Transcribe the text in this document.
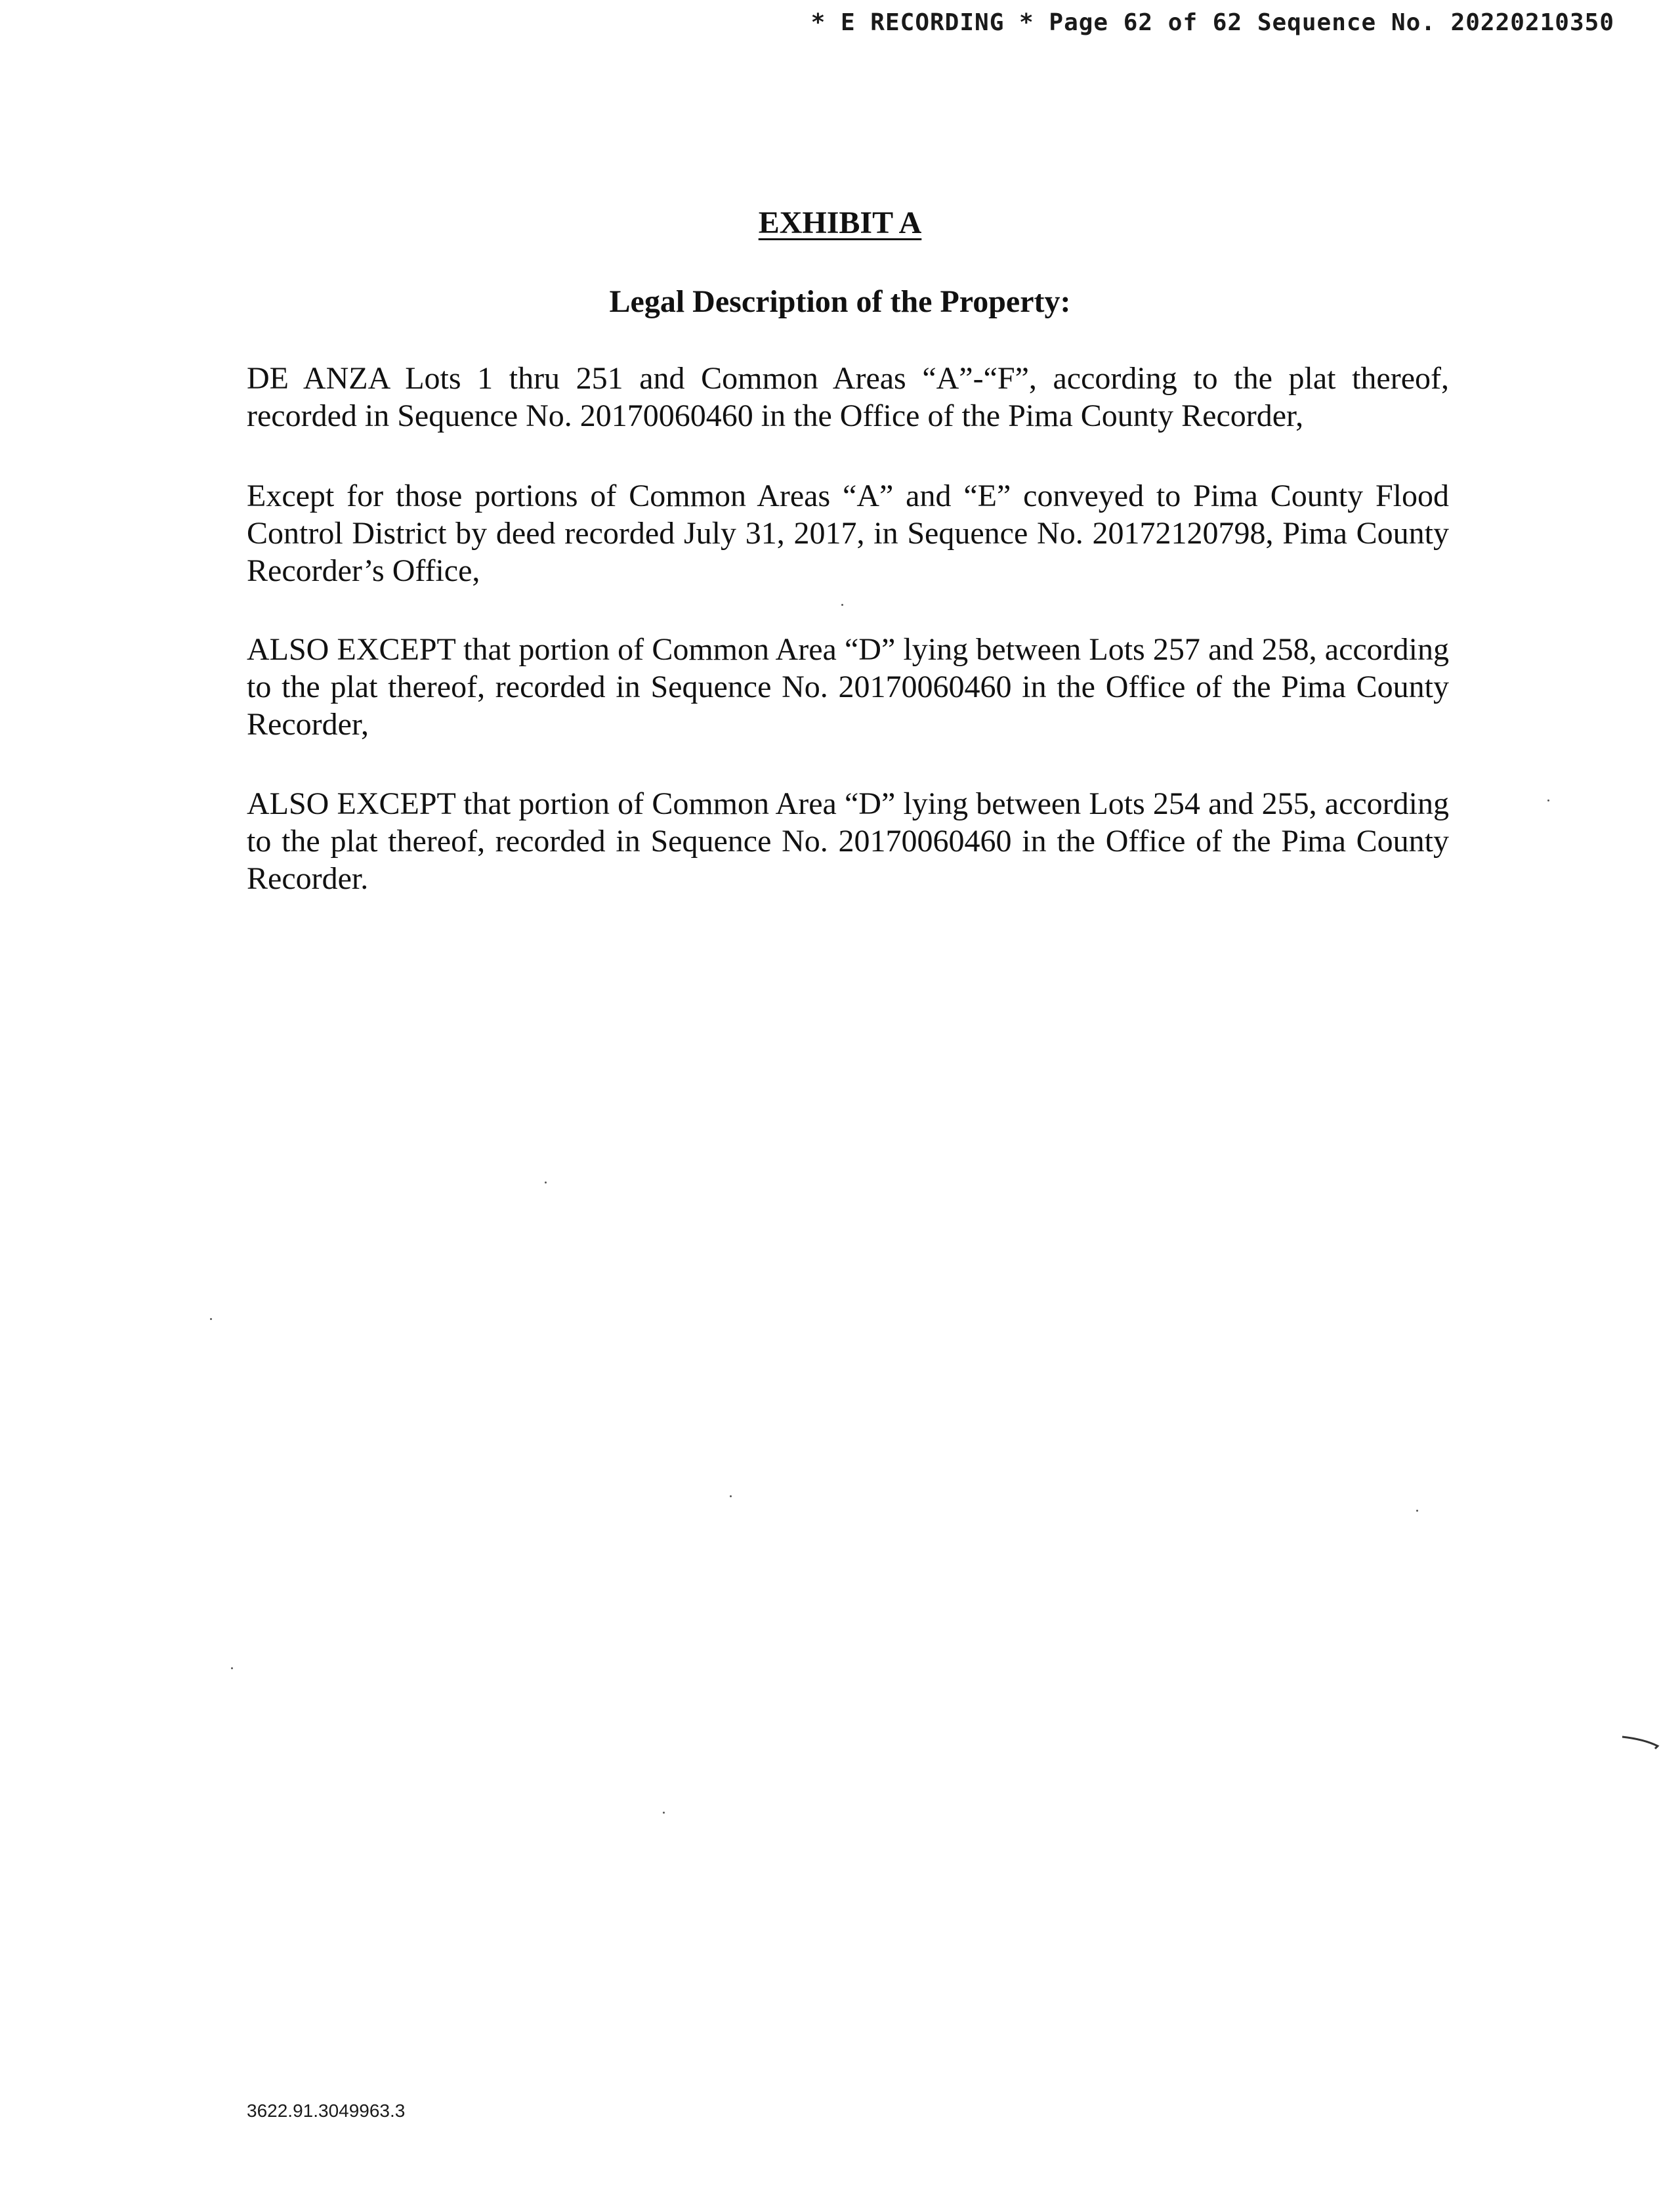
* E RECORDING * Page 62 of 62 Sequence No. 20220210350
EXHIBIT A
Legal Description of the Property:
DE ANZA Lots 1 thru 251 and Common Areas “A”-“F”, according to the plat thereof, recorded in Sequence No. 20170060460 in the Office of the Pima County Recorder,
Except for those portions of Common Areas “A” and “E” conveyed to Pima County Flood Control District by deed recorded July 31, 2017, in Sequence No. 20172120798, Pima County Recorder’s Office,
ALSO EXCEPT that portion of Common Area “D” lying between Lots 257 and 258, according to the plat thereof, recorded in Sequence No. 20170060460 in the Office of the Pima County Recorder,
ALSO EXCEPT that portion of Common Area “D” lying between Lots 254 and 255, according to the plat thereof, recorded in Sequence No. 20170060460 in the Office of the Pima County Recorder.
3622.91.3049963.3
